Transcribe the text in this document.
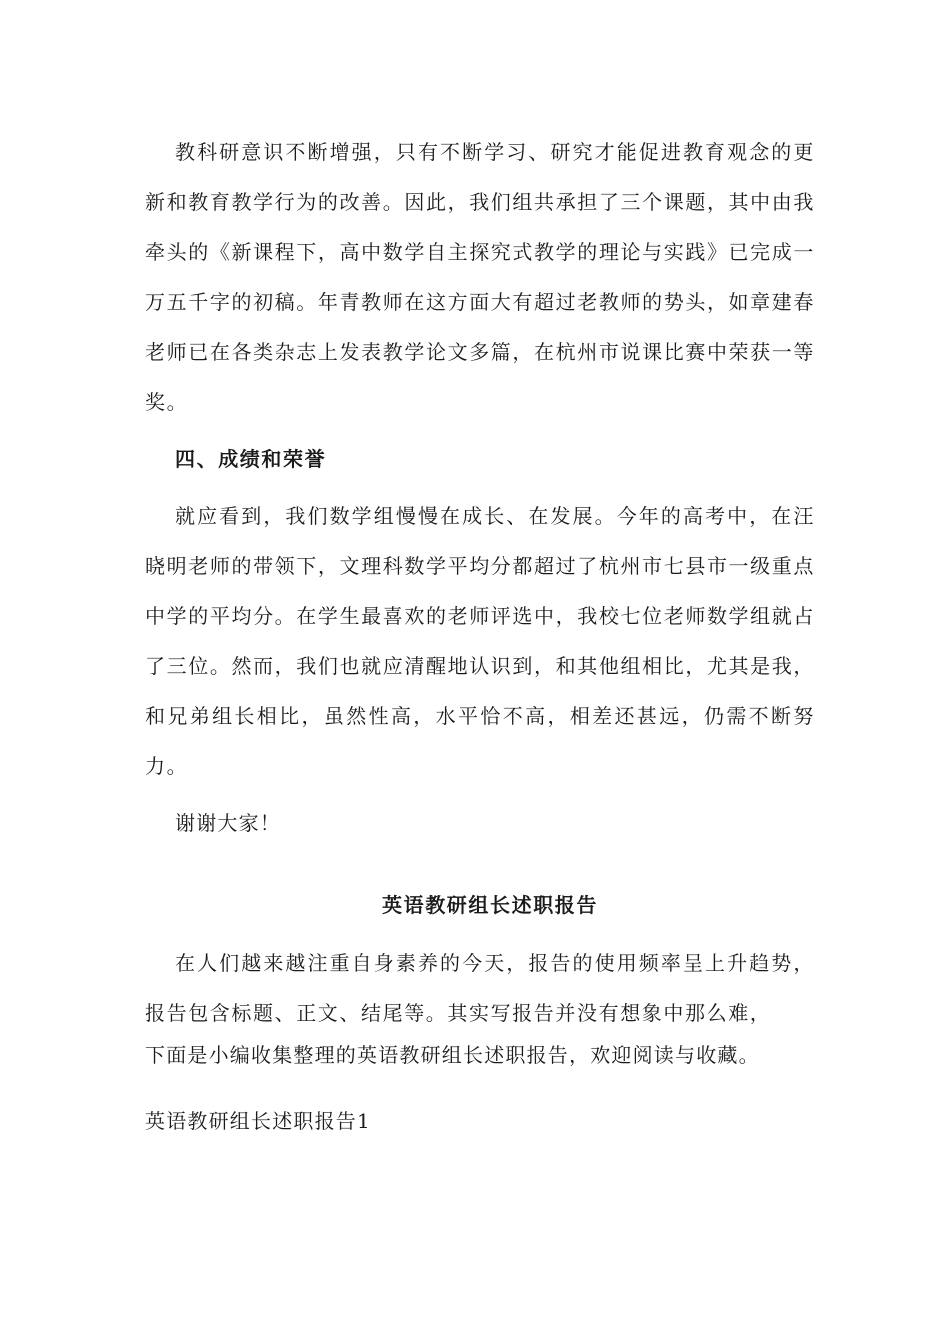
教科研意识不断增强，只有不断学习、研究才能促进教育观念的更新和教育教学行为的改善。因此，我们组共承担了三个课题，其中由我牵头的《新课程下，高中数学自主探究式教学的理论与实践》已完成一万五千字的初稿。年青教师在这方面大有超过老教师的势头，如章建春老师已在各类杂志上发表教学论文多篇，在杭州市说课比赛中荣获一等奖。

四、成绩和荣誉

就应看到，我们数学组慢慢在成长、在发展。今年的高考中，在汪晓明老师的带领下，文理科数学平均分都超过了杭州市七县市一级重点中学的平均分。在学生最喜欢的老师评选中，我校七位老师数学组就占了三位。然而，我们也就应清醒地认识到，和其他组相比，尤其是我，和兄弟组长相比，虽然性高，水平恰不高，相差还甚远，仍需不断努力。

谢谢大家！

英语教研组长述职报告

在人们越来越注重自身素养的今天，报告的使用频率呈上升趋势，报告包含标题、正文、结尾等。其实写报告并没有想象中那么难，

下面是小编收集整理的英语教研组长述职报告，欢迎阅读与收藏。

英语教研组长述职报告1
